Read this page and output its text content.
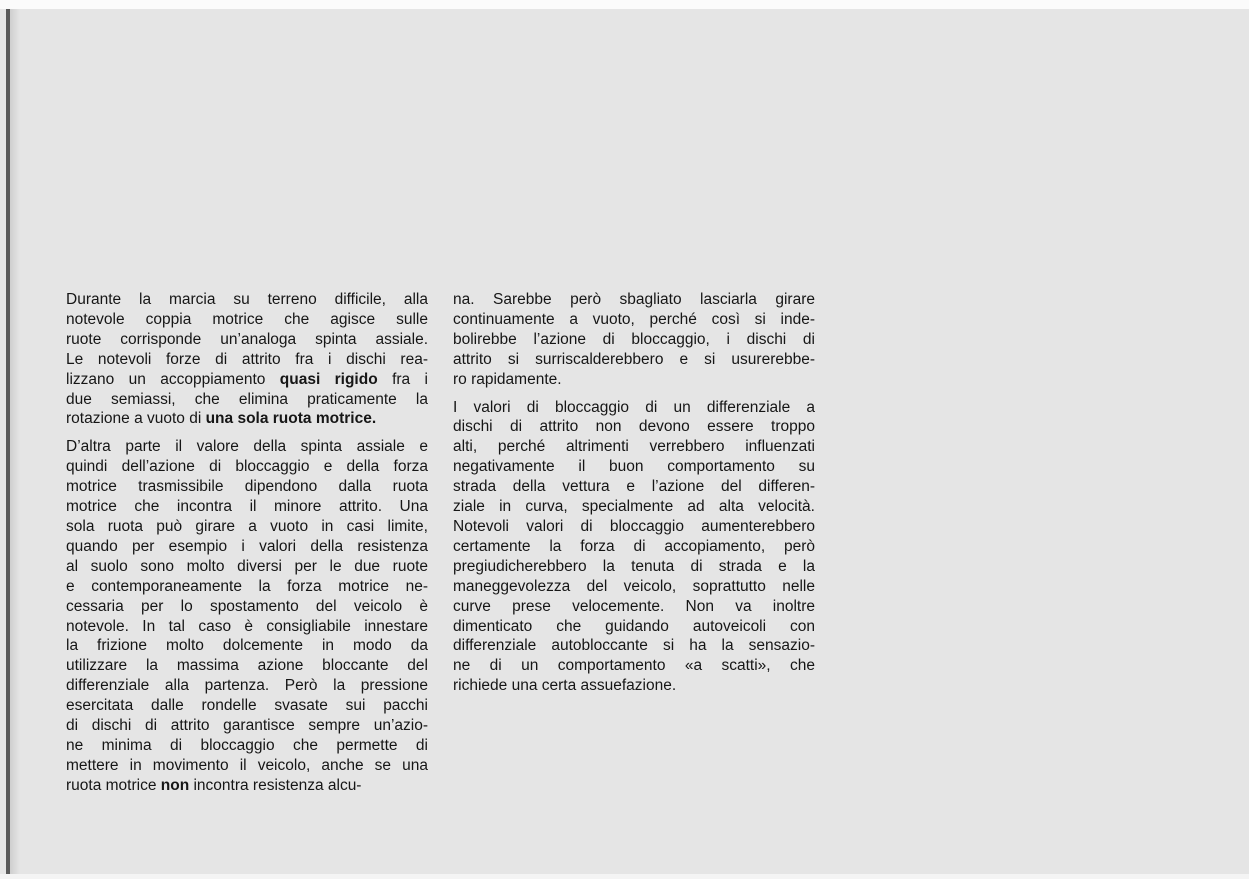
Durante la marcia su terreno difficile, alla
notevole coppia motrice che agisce sulle
ruote corrisponde un’analoga spinta assiale.
Le notevoli forze di attrito fra i dischi rea-
lizzano un accoppiamento quasi rigido fra i
due semiassi, che elimina praticamente la
rotazione a vuoto di una sola ruota motrice.
D’altra parte il valore della spinta assiale e
quindi dell’azione di bloccaggio e della forza
motrice trasmissibile dipendono dalla ruota
motrice che incontra il minore attrito. Una
sola ruota può girare a vuoto in casi limite,
quando per esempio i valori della resistenza
al suolo sono molto diversi per le due ruote
e contemporaneamente la forza motrice ne-
cessaria per lo spostamento del veicolo è
notevole. In tal caso è consigliabile innestare
la frizione molto dolcemente in modo da
utilizzare la massima azione bloccante del
differenziale alla partenza. Però la pressione
esercitata dalle rondelle svasate sui pacchi
di dischi di attrito garantisce sempre un’azio-
ne minima di bloccaggio che permette di
mettere in movimento il veicolo, anche se una
ruota motrice non incontra resistenza alcu-
na. Sarebbe però sbagliato lasciarla girare
continuamente a vuoto, perché così si inde-
bolirebbe l’azione di bloccaggio, i dischi di
attrito si surriscalderebbero e si usurerebbe-
ro rapidamente.
I valori di bloccaggio di un differenziale a
dischi di attrito non devono essere troppo
alti, perché altrimenti verrebbero influenzati
negativamente il buon comportamento su
strada della vettura e l’azione del differen-
ziale in curva, specialmente ad alta velocità.
Notevoli valori di bloccaggio aumenterebbero
certamente la forza di accopiamento, però
pregiudicherebbero la tenuta di strada e la
maneggevolezza del veicolo, soprattutto nelle
curve prese velocemente. Non va inoltre
dimenticato che guidando autoveicoli con
differenziale autobloccante si ha la sensazio-
ne di un comportamento «a scatti», che
richiede una certa assuefazione.
